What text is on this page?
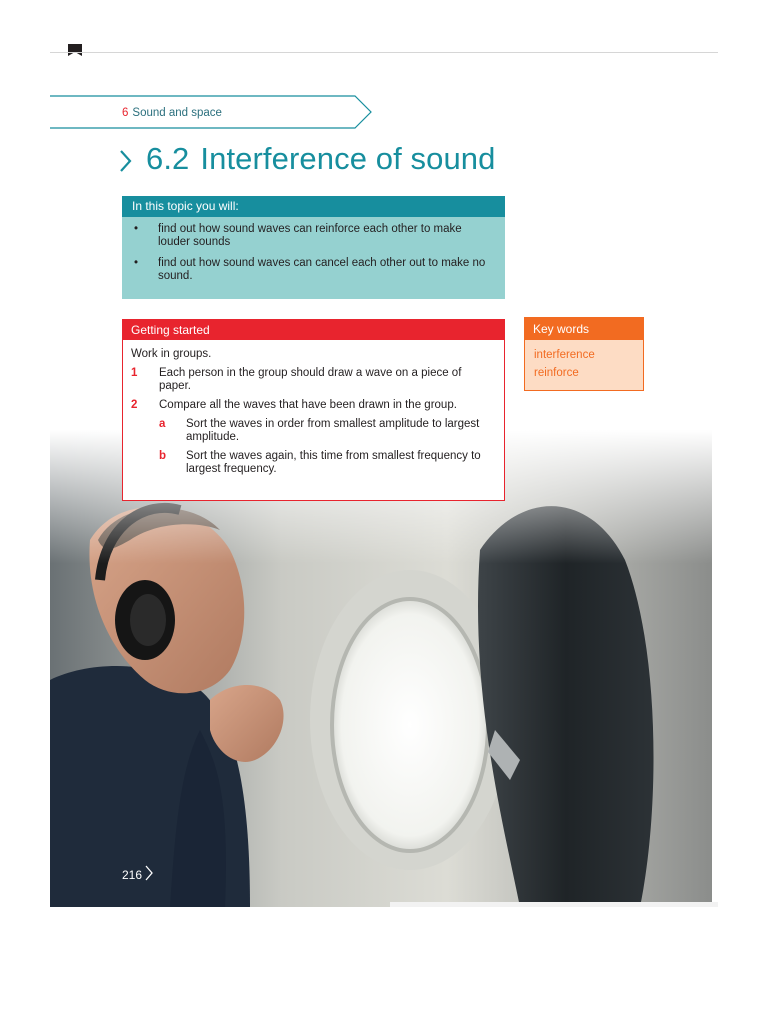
6 Sound and space
6.2 Interference of sound
In this topic you will:
• find out how sound waves can reinforce each other to make louder sounds
• find out how sound waves can cancel each other out to make no sound.
Getting started
Work in groups.
1 Each person in the group should draw a wave on a piece of paper.
2 Compare all the waves that have been drawn in the group.
a Sort the waves in order from smallest amplitude to largest amplitude.
b Sort the waves again, this time from smallest frequency to largest frequency.
Key words
interference
reinforce
216
